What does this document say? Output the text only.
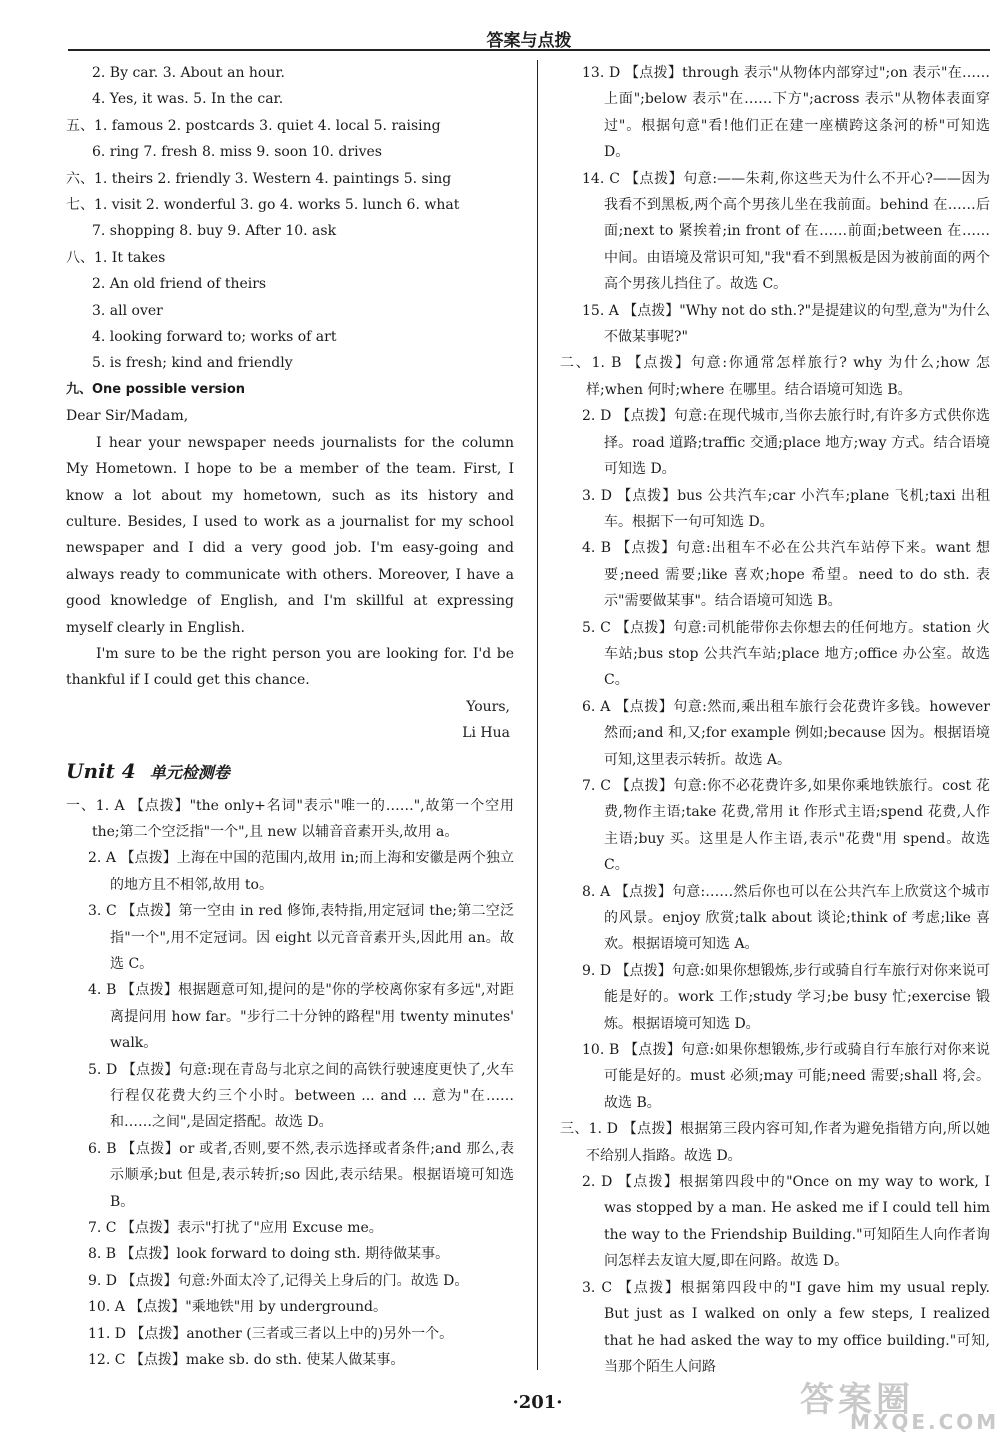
答案与点拨
2. By car. 3. About an hour.
4. Yes, it was. 5. In the car.
五、1. famous 2. postcards 3. quiet 4. local 5. raising
6. ring 7. fresh 8. miss 9. soon 10. drives
六、1. theirs 2. friendly 3. Western 4. paintings 5. sing
七、1. visit 2. wonderful 3. go 4. works 5. lunch 6. what
7. shopping 8. buy 9. After 10. ask
八、1. It takes
2. An old friend of theirs
3. all over
4. looking forward to; works of art
5. is fresh; kind and friendly
九、One possible version
Dear Sir/Madam,
I hear your newspaper needs journalists for the column My Hometown. I hope to be a member of the team. First, I know a lot about my hometown, such as its history and culture. Besides, I used to work as a journalist for my school newspaper and I did a very good job. I'm easy-going and always ready to communicate with others. Moreover, I have a good knowledge of English, and I'm skillful at expressing myself clearly in English.
I'm sure to be the right person you are looking for. I'd be thankful if I could get this chance.
Yours,
Li Hua
Unit 4 单元检测卷
一、1. A 【点拨】"the only+名词"表示"唯一的……",故第一个空用 the;第二个空泛指"一个",且 new 以辅音音素开头,故用 a。
2. A 【点拨】上海在中国的范围内,故用 in;而上海和安徽是两个独立的地方且不相邻,故用 to。
3. C 【点拨】第一空由 in red 修饰,表特指,用定冠词 the;第二空泛指"一个",用不定冠词。因 eight 以元音音素开头,因此用 an。故选 C。
4. B 【点拨】根据题意可知,提问的是"你的学校离你家有多远",对距离提问用 how far。"步行二十分钟的路程"用 twenty minutes' walk。
5. D 【点拨】句意:现在青岛与北京之间的高铁行驶速度更快了,火车行程仅花费大约三个小时。between ... and ... 意为"在……和……之间",是固定搭配。故选 D。
6. B 【点拨】or 或者,否则,要不然,表示选择或者条件;and 那么,表示顺承;but 但是,表示转折;so 因此,表示结果。根据语境可知选 B。
7. C 【点拨】表示"打扰了"应用 Excuse me。
8. B 【点拨】look forward to doing sth. 期待做某事。
9. D 【点拨】句意:外面太冷了,记得关上身后的门。故选 D。
10. A 【点拨】"乘地铁"用 by underground。
11. D 【点拨】another (三者或三者以上中的)另外一个。
12. C 【点拨】make sb. do sth. 使某人做某事。
13. D 【点拨】through 表示"从物体内部穿过";on 表示"在……上面";below 表示"在……下方";across 表示"从物体表面穿过"。根据句意"看!他们正在建一座横跨这条河的桥"可知选 D。
14. C 【点拨】句意:——朱莉,你这些天为什么不开心?——因为我看不到黑板,两个高个男孩儿坐在我前面。behind 在……后面;next to 紧挨着;in front of 在……前面;between 在……中间。由语境及常识可知,"我"看不到黑板是因为被前面的两个高个男孩儿挡住了。故选 C。
15. A 【点拨】"Why not do sth.?"是提建议的句型,意为"为什么不做某事呢?"
二、1. B 【点拨】句意:你通常怎样旅行? why 为什么;how 怎样;when 何时;where 在哪里。结合语境可知选 B。
2. D 【点拨】句意:在现代城市,当你去旅行时,有许多方式供你选择。road 道路;traffic 交通;place 地方;way 方式。结合语境可知选 D。
3. D 【点拨】bus 公共汽车;car 小汽车;plane 飞机;taxi 出租车。根据下一句可知选 D。
4. B 【点拨】句意:出租车不必在公共汽车站停下来。want 想要;need 需要;like 喜欢;hope 希望。need to do sth. 表示"需要做某事"。结合语境可知选 B。
5. C 【点拨】句意:司机能带你去你想去的任何地方。station 火车站;bus stop 公共汽车站;place 地方;office 办公室。故选 C。
6. A 【点拨】句意:然而,乘出租车旅行会花费许多钱。however 然而;and 和,又;for example 例如;because 因为。根据语境可知,这里表示转折。故选 A。
7. C 【点拨】句意:你不必花费许多,如果你乘地铁旅行。cost 花费,物作主语;take 花费,常用 it 作形式主语;spend 花费,人作主语;buy 买。这里是人作主语,表示"花费"用 spend。故选 C。
8. A 【点拨】句意:……然后你也可以在公共汽车上欣赏这个城市的风景。enjoy 欣赏;talk about 谈论;think of 考虑;like 喜欢。根据语境可知选 A。
9. D 【点拨】句意:如果你想锻炼,步行或骑自行车旅行对你来说可能是好的。work 工作;study 学习;be busy 忙;exercise 锻炼。根据语境可知选 D。
10. B 【点拨】句意:如果你想锻炼,步行或骑自行车旅行对你来说可能是好的。must 必须;may 可能;need 需要;shall 将,会。故选 B。
三、1. D 【点拨】根据第三段内容可知,作者为避免指错方向,所以她不给别人指路。故选 D。
2. D 【点拨】根据第四段中的"Once on my way to work, I was stopped by a man. He asked me if I could tell him the way to the Friendship Building."可知陌生人向作者询问怎样去友谊大厦,即在问路。故选 D。
3. C 【点拨】根据第四段中的"I gave him my usual reply. But just as I walked on only a few steps, I realized that he had asked the way to my office building."可知,当那个陌生人问路
·201·	答案圈
MXQE.COM
